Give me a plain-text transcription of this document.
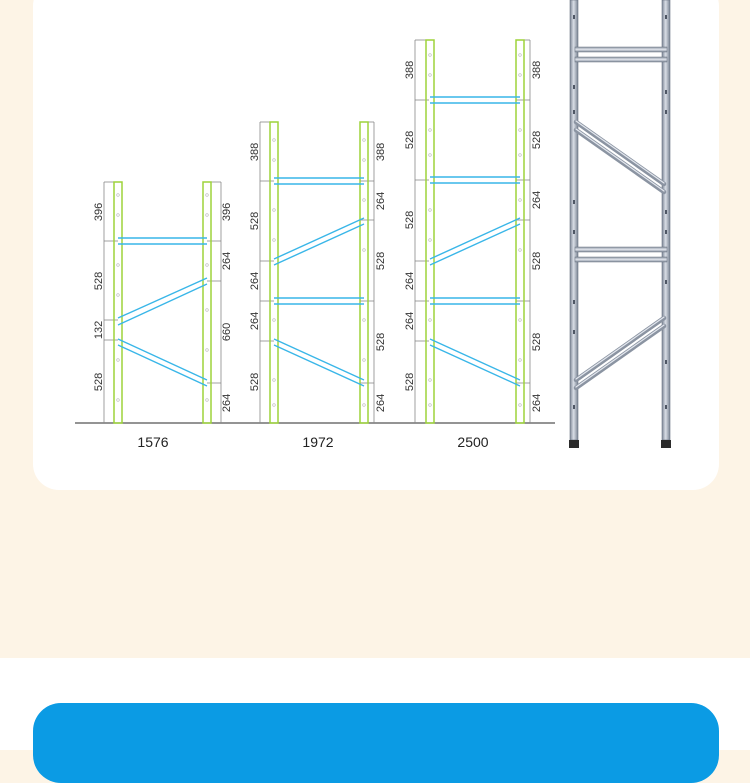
396
528
132
528
396
264
660
264
1576
388
528
264
264
528
388
264
528
528
264
1972
388
528
528
264
264
528
388
528
264
528
528
264
2500
